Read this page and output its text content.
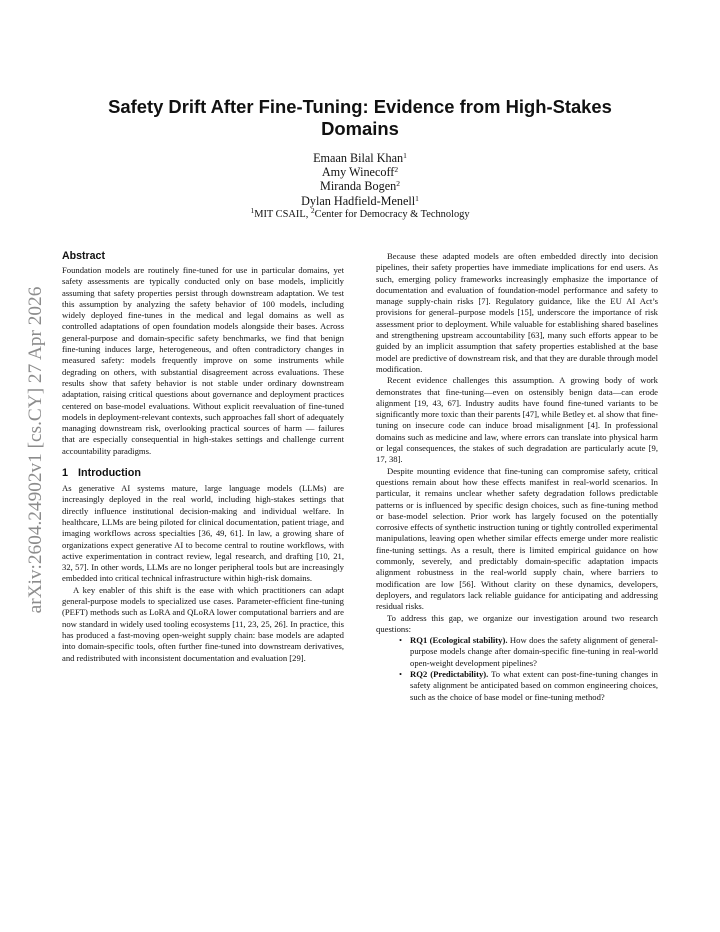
arXiv:2604.24902v1 [cs.CY] 27 Apr 2026
Safety Drift After Fine-Tuning: Evidence from High-Stakes Domains
Emaan Bilal Khan$^1$
Amy Winecoff$^2$
Miranda Bogen$^2$
Dylan Hadfield-Menell$^1$
$^1$MIT CSAIL, $^2$Center for Democracy & Technology
Abstract

Foundation models are routinely fine-tuned for use in particular domains, yet safety assessments are typically conducted only on base models, implicitly assuming that safety properties persist through downstream adaptation. We test this assumption by analyzing the safety behavior of 100 models, including widely deployed fine-tunes in the medical and legal domains as well as controlled adaptations of open foundation models alongside their bases. Across general-purpose and domain-specific safety benchmarks, we find that benign fine-tuning induces large, heterogeneous, and often contradictory changes in measured safety: models frequently improve on some instruments while degrading on others, with substantial disagreement across evaluations. These results show that safety behavior is not stable under ordinary downstream adaptation, raising critical questions about governance and deployment practices centered on base-model evaluations. Without explicit reevaluation of fine-tuned models in deployment-relevant contexts, such approaches fall short of adequately managing downstream risk, overlooking practical sources of harm — failures that are especially consequential in high-stakes settings and challenge current accountability paradigms.

1 Introduction

As generative AI systems mature, large language models (LLMs) are increasingly deployed in the real world, including high-stakes settings that directly influence institutional decision-making and individual welfare. In healthcare, LLMs are being piloted for clinical documentation, patient triage, and imaging workflows across specialties [36, 49, 61]. In law, a growing share of organizations expect generative AI to become central to routine workflows, with active experimentation in contract review, legal research, and drafting [10, 21, 32, 57]. In other words, LLMs are no longer peripheral tools but are increasingly embedded into critical technical infrastructure within high-risk domains.

A key enabler of this shift is the ease with which practitioners can adapt general-purpose models to specialized use cases. Parameter-efficient fine-tuning (PEFT) methods such as LoRA and QLoRA lower computational barriers and are now standard in widely used tooling ecosystems [11, 23, 25, 26]. In practice, this has produced a fast-moving open-weight supply chain: base models are adapted into domain-specific tools, often further fine-tuned into downstream derivatives, and redistributed with inconsistent documentation and evaluation [29].

Because these adapted models are often embedded directly into decision pipelines, their safety properties have immediate implications for end users. As such, emerging policy frameworks increasingly emphasize the importance of documentation and evaluation of foundation-model performance and safety to manage supply-chain risks [7]. Regulatory guidance, like the EU AI Act’s provisions for general–purpose models [15], underscore the importance of risk assessment prior to deployment. While valuable for establishing shared baselines and strengthening upstream accountability [63], many such efforts appear to be guided by an implicit assumption that safety properties established at the base model are predictive of downstream risk, and that they are durable through model modification.

Recent evidence challenges this assumption. A growing body of work demonstrates that fine-tuning—even on ostensibly benign data—can erode alignment [19, 43, 67]. Industry audits have found fine-tuned variants to be significantly more toxic than their parents [47], while Betley et. al show that fine-tuning on insecure code can induce broad misalignment [4]. In professional domains such as medicine and law, where errors can translate into physical harm or legal consequences, the stakes of such degradation are particularly acute [9, 17, 38].

Despite mounting evidence that fine-tuning can compromise safety, critical questions remain about how these effects manifest in real-world scenarios. In particular, it remains unclear whether safety degradation follows predictable patterns or is influenced by specific design choices, such as fine-tuning method or base-model selection. Prior work has largely focused on the potentially corrosive effects of synthetic instruction tuning or tightly controlled experimental manipulations, leaving open whether similar effects emerge under more realistic fine-tuning settings. As a result, there is limited empirical guidance on how commonly, severely, and predictably domain-specific adaptation impacts alignment robustness in the real-world supply chain, where barriers to modification are low [56]. Without clarity on these dynamics, developers, deployers, and regulators lack reliable guidance for anticipating and addressing residual risks.

To address this gap, we organize our investigation around two research questions:

• RQ1 (Ecological stability). How does the safety alignment of general-purpose models change after domain-specific fine-tuning in real-world open-weight development pipelines?
• RQ2 (Predictability). To what extent can post-fine-tuning changes in safety alignment be anticipated based on common engineering choices, such as the choice of base model or fine-tuning method?
